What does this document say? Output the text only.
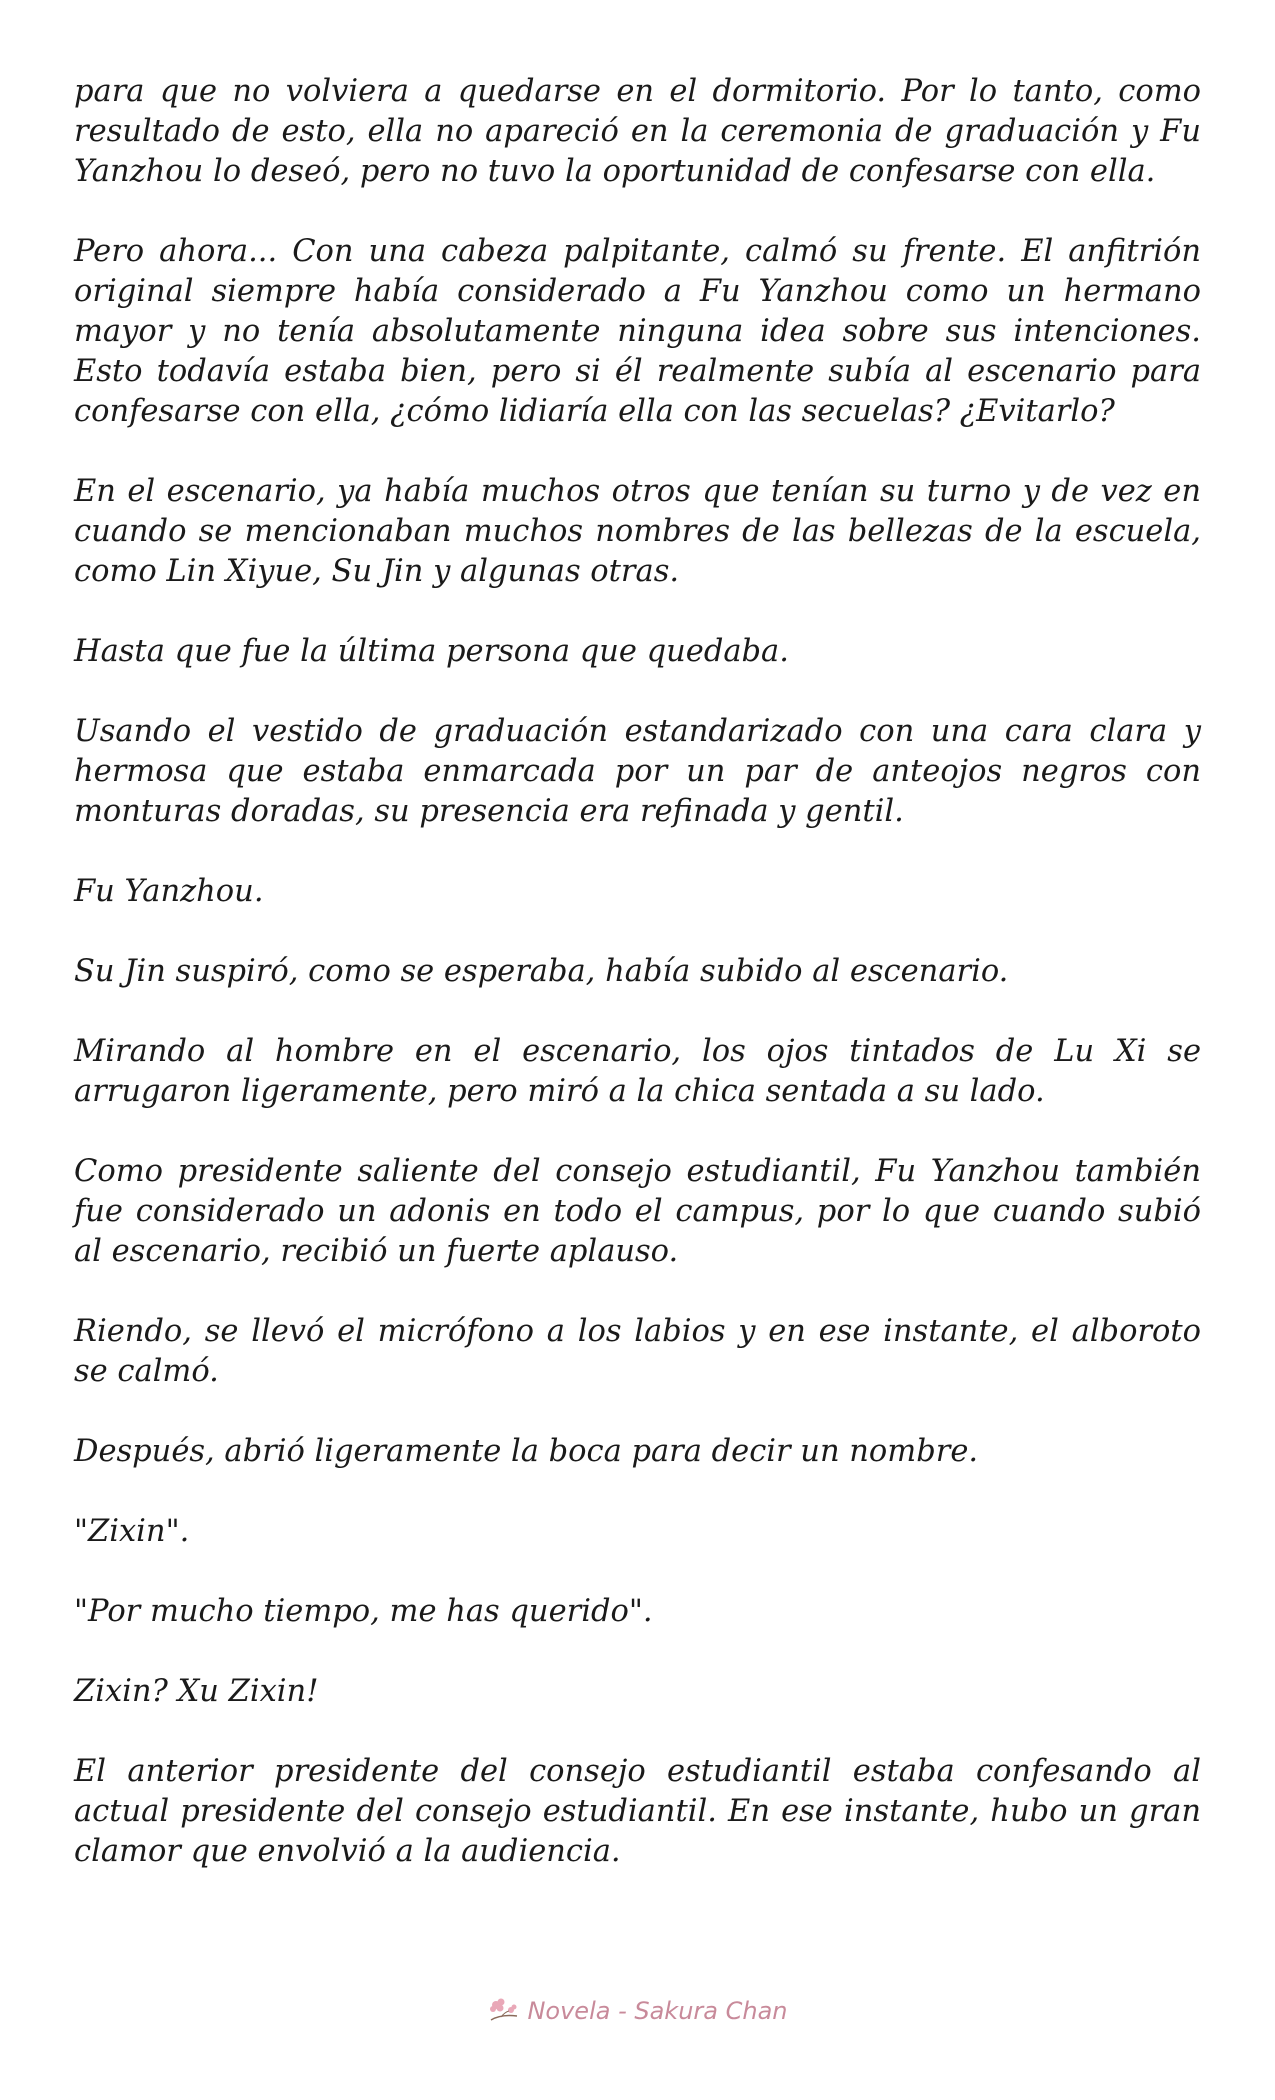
para que no volviera a quedarse en el dormitorio. Por lo tanto, como resultado de esto, ella no apareció en la ceremonia de graduación y Fu Yanzhou lo deseó, pero no tuvo la oportunidad de confesarse con ella.

Pero ahora... Con una cabeza palpitante, calmó su frente. El anfitrión original siempre había considerado a Fu Yanzhou como un hermano mayor y no tenía absolutamente ninguna idea sobre sus intenciones. Esto todavía estaba bien, pero si él realmente subía al escenario para confesarse con ella, ¿cómo lidiaría ella con las secuelas? ¿Evitarlo?

En el escenario, ya había muchos otros que tenían su turno y de vez en cuando se mencionaban muchos nombres de las bellezas de la escuela, como Lin Xiyue, Su Jin y algunas otras.

Hasta que fue la última persona que quedaba.

Usando el vestido de graduación estandarizado con una cara clara y hermosa que estaba enmarcada por un par de anteojos negros con monturas doradas, su presencia era refinada y gentil.

Fu Yanzhou.

Su Jin suspiró, como se esperaba, había subido al escenario.

Mirando al hombre en el escenario, los ojos tintados de Lu Xi se arrugaron ligeramente, pero miró a la chica sentada a su lado.

Como presidente saliente del consejo estudiantil, Fu Yanzhou también fue considerado un adonis en todo el campus, por lo que cuando subió al escenario, recibió un fuerte aplauso.

Riendo, se llevó el micrófono a los labios y en ese instante, el alboroto se calmó.

Después, abrió ligeramente la boca para decir un nombre.

"Zixin".

"Por mucho tiempo, me has querido".

Zixin? Xu Zixin!

El anterior presidente del consejo estudiantil estaba confesando al actual presidente del consejo estudiantil. En ese instante, hubo un gran clamor que envolvió a la audiencia.

Novela - Sakura Chan
